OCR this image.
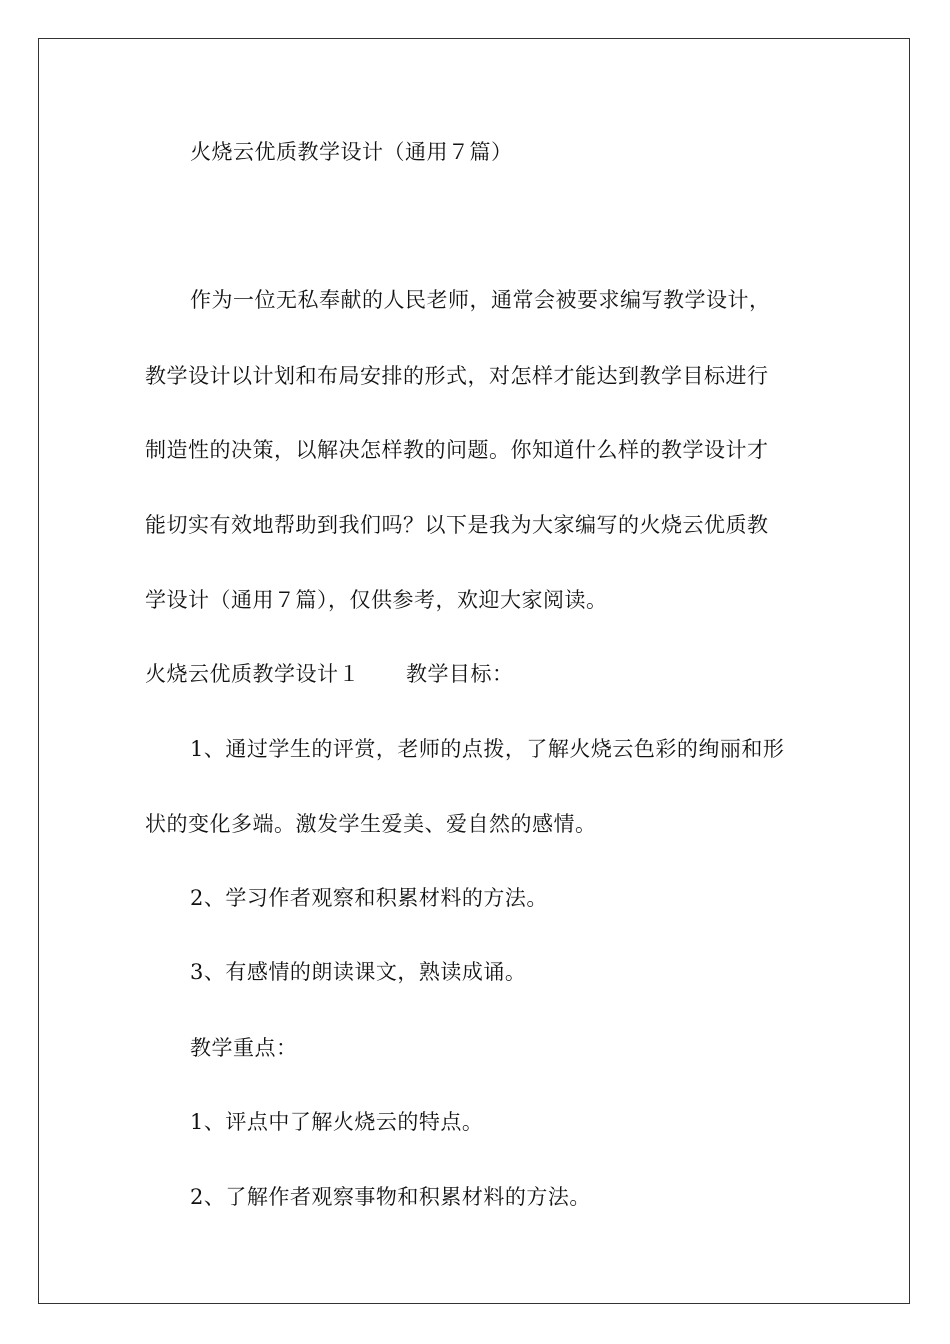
火烧云优质教学设计（通用７篇）
作为一位无私奉献的人民老师，通常会被要求编写教学设计，
教学设计以计划和布局安排的形式，对怎样才能达到教学目标进行
制造性的决策，以解决怎样教的问题。你知道什么样的教学设计才
能切实有效地帮助到我们吗？以下是我为大家编写的火烧云优质教
学设计（通用７篇），仅供参考，欢迎大家阅读。
火烧云优质教学设计１ 教学目标：
1、通过学生的评赏，老师的点拨，了解火烧云色彩的绚丽和形
状的变化多端。激发学生爱美、爱自然的感情。
2、学习作者观察和积累材料的方法。
3、有感情的朗读课文，熟读成诵。
教学重点：
1、评点中了解火烧云的特点。
2、了解作者观察事物和积累材料的方法。
